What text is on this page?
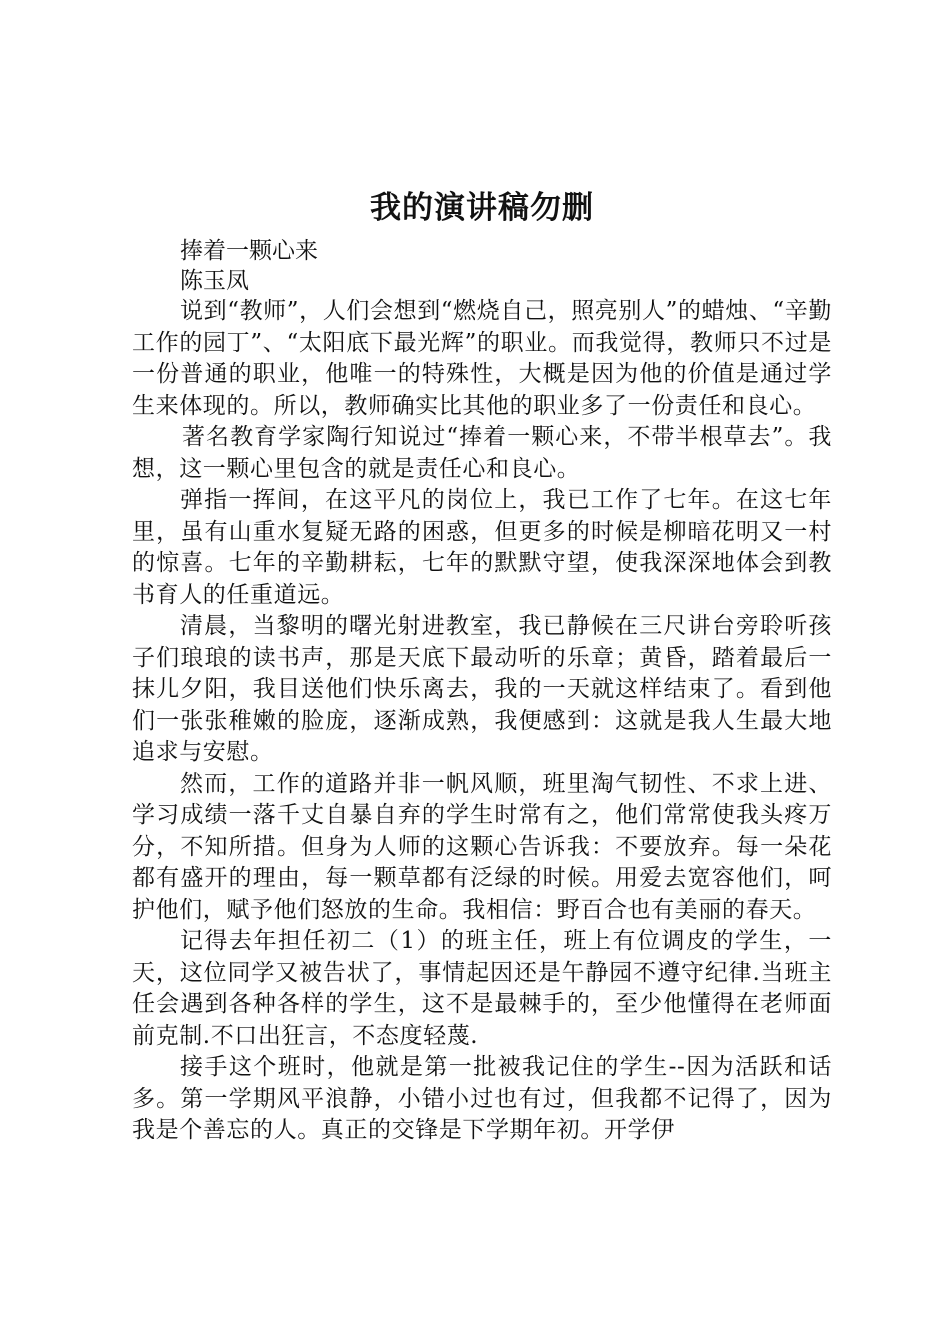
我的演讲稿勿删

捧着一颗心来

陈玉凤

说到“教师”，人们会想到“燃烧自己，照亮别人”的蜡烛、“辛勤工作的园丁”、“太阳底下最光辉”的职业。而我觉得，教师只不过是一份普通的职业，他唯一的特殊性，大概是因为他的价值是通过学生来体现的。所以，教师确实比其他的职业多了一份责任和良心。

著名教育学家陶行知说过“捧着一颗心来，不带半根草去”。我想，这一颗心里包含的就是责任心和良心。

弹指一挥间，在这平凡的岗位上，我已工作了七年。在这七年里，虽有山重水复疑无路的困惑，但更多的时候是柳暗花明又一村的惊喜。七年的辛勤耕耘，七年的默默守望，使我深深地体会到教书育人的任重道远。

清晨，当黎明的曙光射进教室，我已静候在三尺讲台旁聆听孩子们琅琅的读书声，那是天底下最动听的乐章；黄昏，踏着最后一抹儿夕阳，我目送他们快乐离去，我的一天就这样结束了。看到他们一张张稚嫩的脸庞，逐渐成熟，我便感到：这就是我人生最大地追求与安慰。

然而，工作的道路并非一帆风顺，班里淘气韧性、不求上进、学习成绩一落千丈自暴自弃的学生时常有之，他们常常使我头疼万分，不知所措。但身为人师的这颗心告诉我：不要放弃。每一朵花都有盛开的理由，每一颗草都有泛绿的时候。用爱去宽容他们，呵护他们，赋予他们怒放的生命。我相信：野百合也有美丽的春天。

记得去年担任初二（1）的班主任，班上有位调皮的学生，一天，这位同学又被告状了，事情起因还是午静园不遵守纪律.当班主任会遇到各种各样的学生，这不是最棘手的，至少他懂得在老师面前克制.不口出狂言，不态度轻蔑.

接手这个班时，他就是第一批被我记住的学生--因为活跃和话多。第一学期风平浪静，小错小过也有过，但我都不记得了，因为我是个善忘的人。真正的交锋是下学期年初。开学伊
